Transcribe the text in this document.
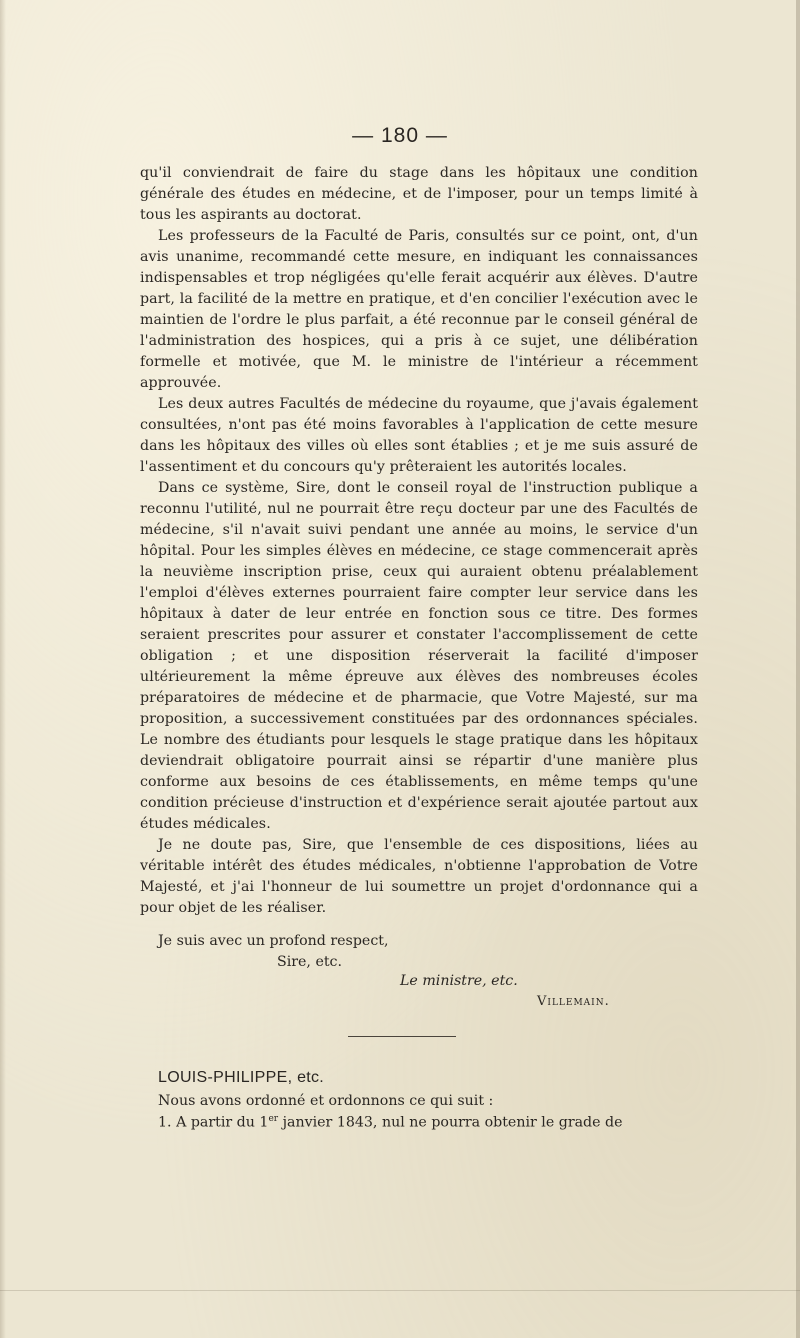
— 180 —

qu'il conviendrait de faire du stage dans les hôpitaux une condition générale des études en médecine, et de l'imposer, pour un temps limité à tous les aspirants au doctorat.

Les professeurs de la Faculté de Paris, consultés sur ce point, ont, d'un avis unanime, recommandé cette mesure, en indiquant les connaissances indispensables et trop négligées qu'elle ferait acquérir aux élèves. D'autre part, la facilité de la mettre en pratique, et d'en concilier l'exécution avec le maintien de l'ordre le plus parfait, a été reconnue par le conseil général de l'administration des hospices, qui a pris à ce sujet, une délibération formelle et motivée, que M. le ministre de l'intérieur a récemment approuvée.

Les deux autres Facultés de médecine du royaume, que j'avais également consultées, n'ont pas été moins favorables à l'application de cette mesure dans les hôpitaux des villes où elles sont établies ; et je me suis assuré de l'assentiment et du concours qu'y prêteraient les autorités locales.

Dans ce système, Sire, dont le conseil royal de l'instruction publique a reconnu l'utilité, nul ne pourrait être reçu docteur par une des Facultés de médecine, s'il n'avait suivi pendant une année au moins, le service d'un hôpital. Pour les simples élèves en médecine, ce stage commencerait après la neuvième inscription prise, ceux qui auraient obtenu préalablement l'emploi d'élèves externes pourraient faire compter leur service dans les hôpitaux à dater de leur entrée en fonction sous ce titre. Des formes seraient prescrites pour assurer et constater l'accomplissement de cette obligation ; et une disposition réserverait la facilité d'imposer ultérieurement la même épreuve aux élèves des nombreuses écoles préparatoires de médecine et de pharmacie, que Votre Majesté, sur ma proposition, a successivement constituées par des ordonnances spéciales. Le nombre des étudiants pour lesquels le stage pratique dans les hôpitaux deviendrait obligatoire pourrait ainsi se répartir d'une manière plus conforme aux besoins de ces établissements, en même temps qu'une condition précieuse d'instruction et d'expérience serait ajoutée partout aux études médicales.

Je ne doute pas, Sire, que l'ensemble de ces dispositions, liées au véritable intérêt des études médicales, n'obtienne l'approbation de Votre Majesté, et j'ai l'honneur de lui soumettre un projet d'ordonnance qui a pour objet de les réaliser.

Je suis avec un profond respect,
Sire, etc.
Le ministre, etc.
Villemain.
LOUIS-PHILIPPE, etc.
Nous avons ordonné et ordonnons ce qui suit :
1. A partir du 1er janvier 1843, nul ne pourra obtenir le grade de
